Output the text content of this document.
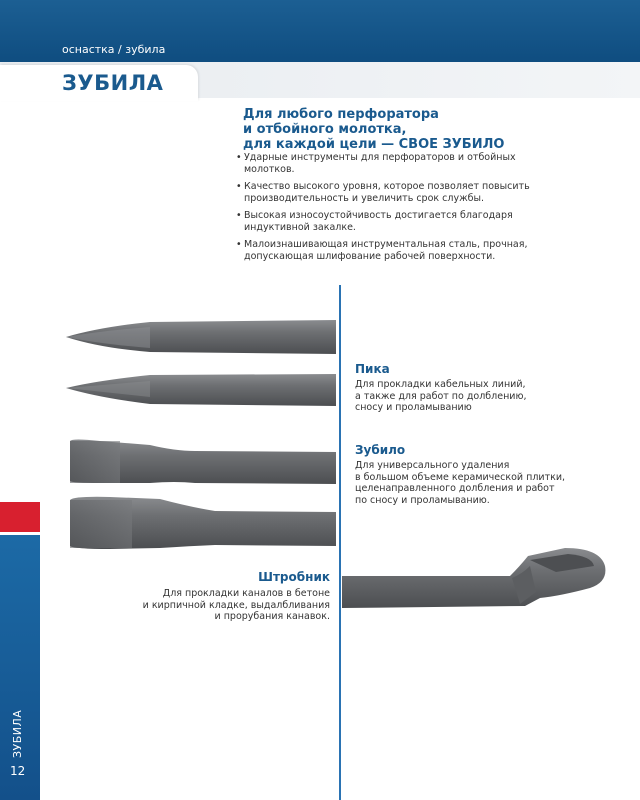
оснастка / зубила
ЗУБИЛА
ЗУБИЛА
12
Для любого перфоратора
и отбойного молотка,
для каждой цели — СВОЕ ЗУБИЛО
• Ударные инструменты для перфораторов и отбойных молотков.
• Качество высокого уровня, которое позволяет повысить производительность и увеличить срок службы.
• Высокая износоустойчивость достигается благодаря индуктивной закалке.
• Малоизнашивающая инструментальная сталь, прочная, допускающая шлифование рабочей поверхности.
Пика
Для прокладки кабельных линий,
а также для работ по долблению,
сносу и проламыванию
Зубило
Для универсального удаления
в большом объеме керамической плитки,
целенаправленного долбления и работ
по сносу и проламыванию.
Штробник
Для прокладки каналов в бетоне
и кирпичной кладке, выдалбливания
и прорубания канавок.
